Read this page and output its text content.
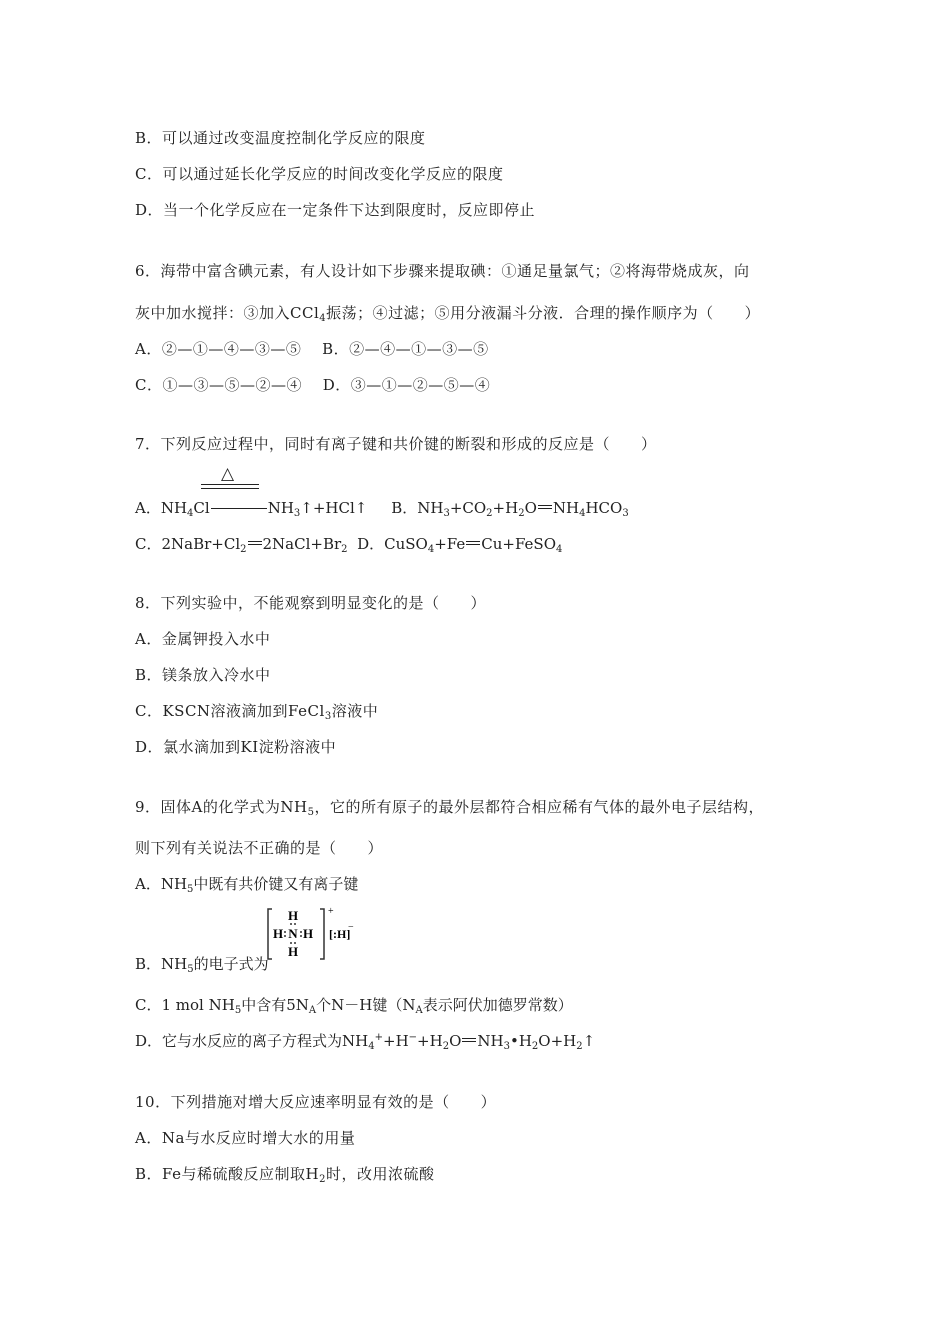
B．可以通过改变温度控制化学反应的限度
C．可以通过延长化学反应的时间改变化学反应的限度
D．当一个化学反应在一定条件下达到限度时，反应即停止
6．海带中富含碘元素，有人设计如下步骤来提取碘：①通足量氯气；②将海带烧成灰，向
灰中加水搅拌：③加入CCl$_4$振荡；④过滤；⑤用分液漏斗分液．合理的操作顺序为（　　）
A．②—①—④—③—⑤　 B．②—④—①—③—⑤
C．①—③—⑤—②—④　 D．③—①—②—⑤—④
7．下列反应过程中，同时有离子键和共价键的断裂和形成的反应是（　　）
△
A．$NH_4Cl$	$NH_3↑+HCl↑$ B．$NH_3+CO_2+H_2O$ $NH_4HCO_3$
C．$2NaBr+Cl_2$ $2NaCl+Br_2$ D．CuSO$_4$+Fe Cu+FeSO$_4$
8．下列实验中，不能观察到明显变化的是（　　）
A．金属钾投入水中
B．镁条放入冷水中
C．KSCN溶液滴加到FeCl$_3$溶液中
D．氯水滴加到KI淀粉溶液中
9．固体A的化学式为$NH_5$，它的所有原子的最外层都符合相应稀有气体的最外电子层结构，
则下列有关说法不正确的是（　　）
A．$NH_5$中既有共价键又有离子键
H
H N H
H
+
[:H]
−
B．$NH_5$的电子式为
C．1 mol $NH_5$中含有$5N_A$个N－H键（$N_A$表示阿伏加德罗常数）
D．它与水反应的离子方程式为$NH_4^++H^-+H_2O$ $NH_3•H_2O+H_2↑$
10．下列措施对增大反应速率明显有效的是（　　）
A．Na与水反应时增大水的用量
B．Fe与稀硫酸反应制取$H_2$时，改用浓硫酸
